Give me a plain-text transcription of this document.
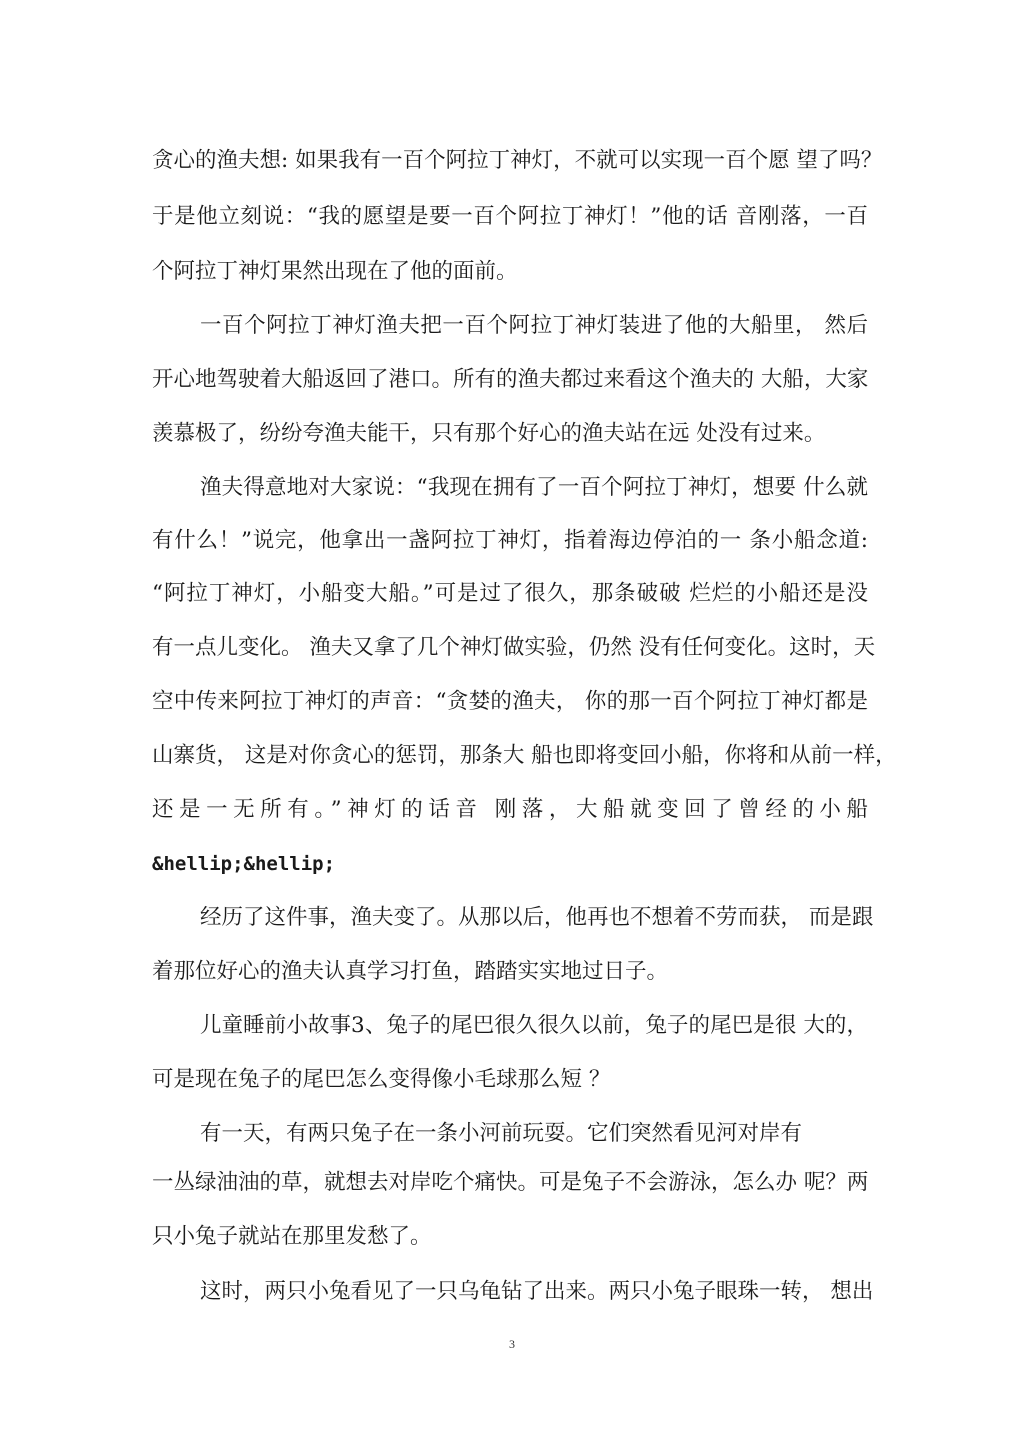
贪心的渔夫想: 如果我有一百个阿拉丁神灯，不就可以实现一百个愿 望了吗？
于是他立刻说：“我的愿望是要一百个阿拉丁神灯！”他的话 音刚落，一百
个阿拉丁神灯果然出现在了他的面前。
一百个阿拉丁神灯渔夫把一百个阿拉丁神灯装进了他的大船里， 然后
开心地驾驶着大船返回了港口。所有的渔夫都过来看这个渔夫的 大船，大家
羡慕极了，纷纷夸渔夫能干，只有那个好心的渔夫站在远 处没有过来。
渔夫得意地对大家说：“我现在拥有了一百个阿拉丁神灯，想要 什么就
有什么！”说完，他拿出一盏阿拉丁神灯，指着海边停泊的一 条小船念道:
“阿拉丁神灯，小船变大船。”可是过了很久，那条破破 烂烂的小船还是没
有一点儿变化。 渔夫又拿了几个神灯做实验，仍然 没有任何变化。这时，天
空中传来阿拉丁神灯的声音：“贪婪的渔夫， 你的那一百个阿拉丁神灯都是
山寨货， 这是对你贪心的惩罚，那条大 船也即将变回小船，你将和从前一样，
还是一无所有。”神灯的话音 刚落，大船就变回了曾经的小船
&hellip;&hellip;
经历了这件事，渔夫变了。从那以后，他再也不想着不劳而获， 而是跟
着那位好心的渔夫认真学习打鱼，踏踏实实地过日子。
儿童睡前小故事3、兔子的尾巴很久很久以前，兔子的尾巴是很 大的，
可是现在兔子的尾巴怎么变得像小毛球那么短 ？
有一天，有两只兔子在一条小河前玩耍。它们突然看见河对岸有
一丛绿油油的草，就想去对岸吃个痛快。可是兔子不会游泳，怎么办 呢？两
只小兔子就站在那里发愁了。
这时，两只小兔看见了一只乌龟钻了出来。两只小兔子眼珠一转， 想出
3
